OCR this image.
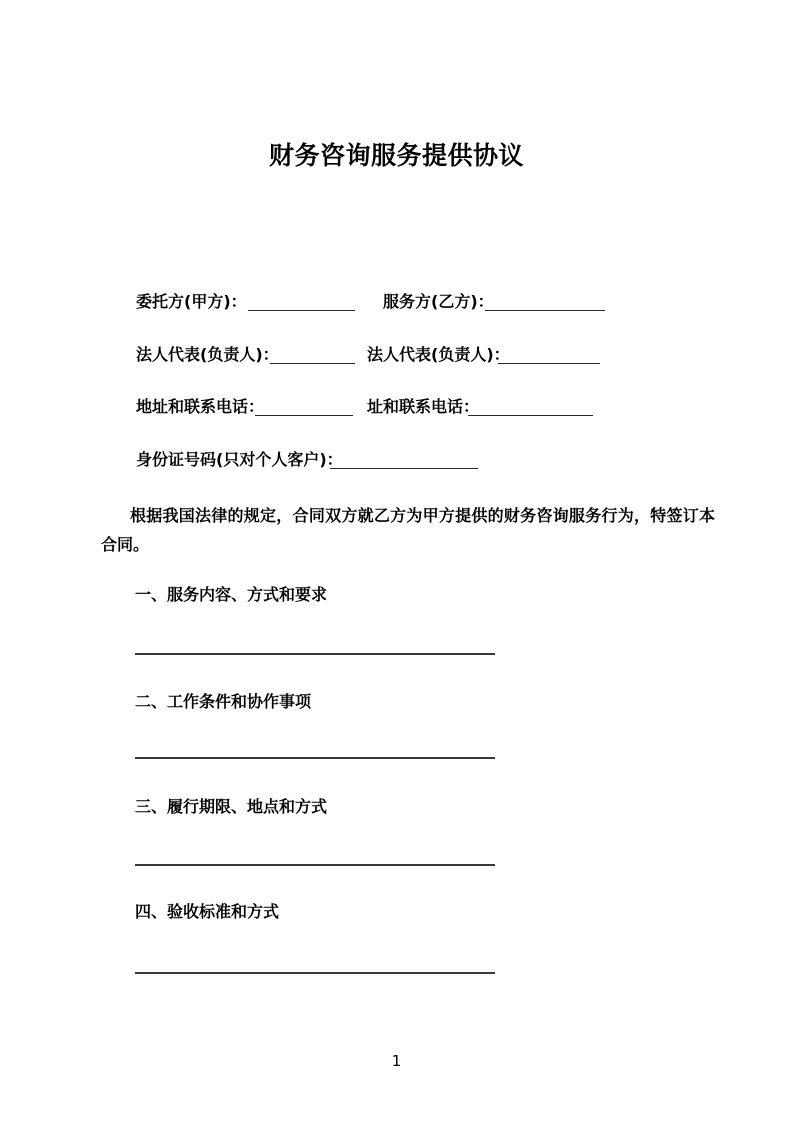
财务咨询服务提供协议
委托方(甲方)：	服务方(乙方)：
法人代表(负责人)：	法人代表(负责人)：
地址和联系电话：	址和联系电话：
身份证号码(只对个人客户)：

根据我国法律的规定，合同双方就乙方为甲方提供的财务咨询服务行为，特签订本合同。

一、服务内容、方式和要求
二、工作条件和协作事项
三、履行期限、地点和方式
四、验收标准和方式
1
